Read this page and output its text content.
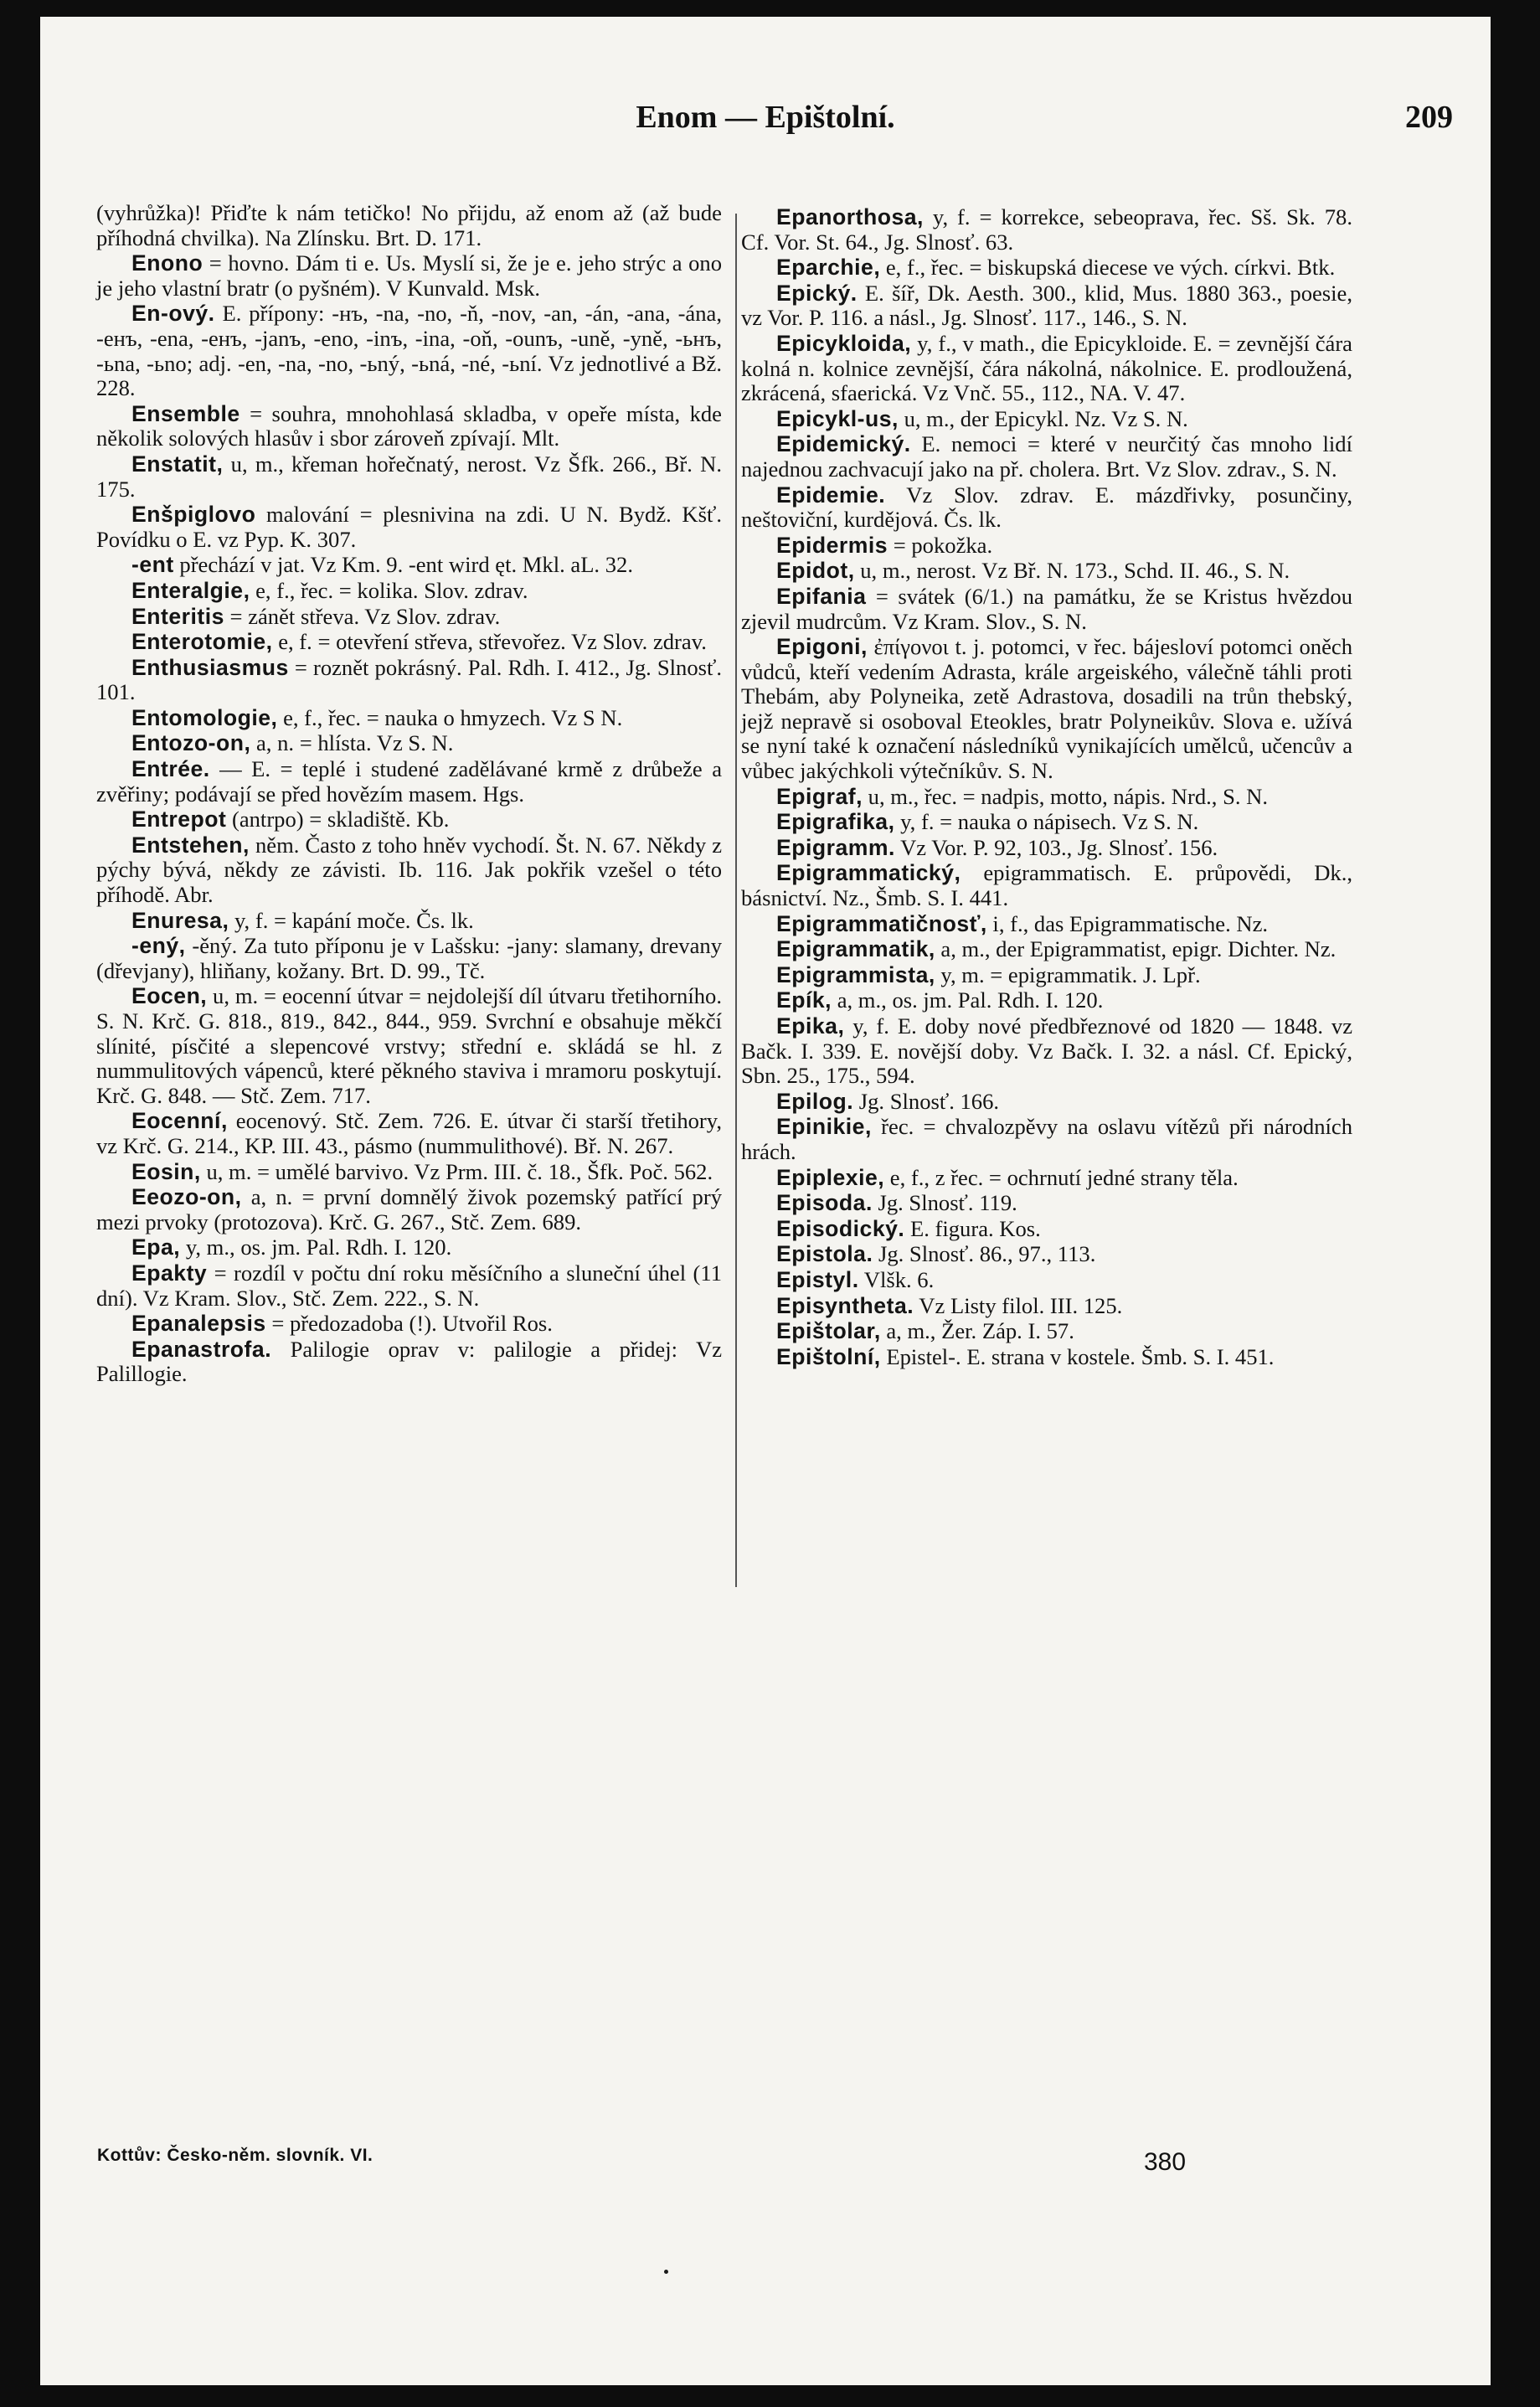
Enom — Epištolní.	209
(vyhrůžka)! Přiďte k nám tetičko! No přijdu, až enom až (až bude příhodná chvilka). Na Zlínsku. Brt. D. 171.
Enono = hovno. Dám ti e. Us. Myslí si, že je e. jeho strýc a ono je jeho vlastní bratr (o pyšném). V Kunvald. Msk.
En-ový. E. přípony: -нъ, -na, -no, -ň, -nov, -an, -án, -ana, -ána, -енъ, -ena, -енъ, -janъ, -eno, -inъ, -ina, -oň, -ounъ, -uně, -yně, -ьнъ, -ьna, -ьno; adj. -en, -na, -no, -ьný, -ьná, -né, -ьní. Vz jednotlivé a Bž. 228.
Ensemble = souhra, mnohohlasá skladba, v opeře místa, kde několik solových hlasův i sbor zároveň zpívají. Mlt.
Enstatit, u, m., křeman hořečnatý, nerost. Vz Šfk. 266., Bř. N. 175.
Enšpiglovo malování = plesnivina na zdi. U N. Bydž. Kšť. Povídku o E. vz Pyp. K. 307.
-ent přechází v jat. Vz Km. 9. -ent wird ęt. Mkl. aL. 32.
Enteralgie, e, f., řec. = kolika. Slov. zdrav.
Enteritis = zánět střeva. Vz Slov. zdrav.
Enterotomie, e, f. = otevření střeva, střevořez. Vz Slov. zdrav.
Enthusiasmus = roznět pokrásný. Pal. Rdh. I. 412., Jg. Slnosť. 101.
Entomologie, e, f., řec. = nauka o hmyzech. Vz S N.
Entozo-on, a, n. = hlísta. Vz S. N.
Entrée. — E. = teplé i studené zadělávané krmě z drůbeže a zvěřiny; podávají se před hovězím masem. Hgs.
Entrepot (antrpo) = skladiště. Kb.
Entstehen, něm. Často z toho hněv vychodí. Št. N. 67. Někdy z pýchy bývá, někdy ze závisti. Ib. 116. Jak pokřik vzešel o této příhodě. Abr.
Enuresa, y, f. = kapání moče. Čs. lk.
-ený, -ěný. Za tuto příponu je v Lašsku: -jany: slamany, drevany (dřevjany), hliňany, kožany. Brt. D. 99., Tč.
Eocen, u, m. = eocenní útvar = nejdolejší díl útvaru třetihorního. S. N. Krč. G. 818., 819., 842., 844., 959. Svrchní e obsahuje měkčí slínité, písčité a slepencové vrstvy; střední e. skládá se hl. z nummulitových vápenců, které pěkného staviva i mramoru poskytují. Krč. G. 848. — Stč. Zem. 717.
Eocenní, eocenový. Stč. Zem. 726. E. útvar či starší třetihory, vz Krč. G. 214., KP. III. 43., pásmo (nummulithové). Bř. N. 267.
Eosin, u, m. = umělé barvivo. Vz Prm. III. č. 18., Šfk. Poč. 562.
Eeozo-on, a, n. = první domnělý živok pozemský patřící prý mezi prvoky (protozova). Krč. G. 267., Stč. Zem. 689.
Epa, y, m., os. jm. Pal. Rdh. I. 120.
Epakty = rozdíl v počtu dní roku měsíčního a sluneční úhel (11 dní). Vz Kram. Slov., Stč. Zem. 222., S. N.
Epanalepsis = předozadoba (!). Utvořil Ros.
Epanastrofa. Palilogie oprav v: palilogie a přidej: Vz Palillogie.
Epanorthosa, y, f. = korrekce, sebeoprava, řec. Sš. Sk. 78. Cf. Vor. St. 64., Jg. Slnosť. 63.
Eparchie, e, f., řec. = biskupská diecese ve vých. církvi. Btk.
Epický. E. šíř, Dk. Aesth. 300., klid, Mus. 1880 363., poesie, vz Vor. P. 116. a násl., Jg. Slnosť. 117., 146., S. N.
Epicykloida, y, f., v math., die Epicykloide. E. = zevnější čára kolná n. kolnice zevnější, čára nákolná, nákolnice. E. prodloužená, zkrácená, sfaerická. Vz Vnč. 55., 112., NA. V. 47.
Epicykl-us, u, m., der Epicykl. Nz. Vz S. N.
Epidemický. E. nemoci = které v neurčitý čas mnoho lidí najednou zachvacují jako na př. cholera. Brt. Vz Slov. zdrav., S. N.
Epidemie. Vz Slov. zdrav. E. mázdřivky, posunčiny, neštoviční, kurdějová. Čs. lk.
Epidermis = pokožka.
Epidot, u, m., nerost. Vz Bř. N. 173., Schd. II. 46., S. N.
Epifania = svátek (6/1.) na památku, že se Kristus hvězdou zjevil mudrcům. Vz Kram. Slov., S. N.
Epigoni, ἐπίγονοι t. j. potomci, v řec. bájesloví potomci oněch vůdců, kteří vedením Adrasta, krále argeiského, válečně táhli proti Thebám, aby Polyneika, zetě Adrastova, dosadili na trůn thebský, jejž nepravě si osoboval Eteokles, bratr Polyneikův. Slova e. užívá se nyní také k označení následníků vynikajících umělců, učencův a vůbec jakýchkoli výtečníkův. S. N.
Epigraf, u, m., řec. = nadpis, motto, nápis. Nrd., S. N.
Epigrafika, y, f. = nauka o nápisech. Vz S. N.
Epigramm. Vz Vor. P. 92, 103., Jg. Slnosť. 156.
Epigrammatický, epigrammatisch. E. průpovědi, Dk., básnictví. Nz., Šmb. S. I. 441.
Epigrammatičnosť, i, f., das Epigrammatische. Nz.
Epigrammatik, a, m., der Epigrammatist, epigr. Dichter. Nz.
Epigrammista, y, m. = epigrammatik. J. Lpř.
Epík, a, m., os. jm. Pal. Rdh. I. 120.
Epika, y, f. E. doby nové předbřeznové od 1820 — 1848. vz Bačk. I. 339. E. novější doby. Vz Bačk. I. 32. a násl. Cf. Epický, Sbn. 25., 175., 594.
Epilog. Jg. Slnosť. 166.
Epinikie, řec. = chvalozpěvy na oslavu vítězů při národních hrách.
Epiplexie, e, f., z řec. = ochrnutí jedné strany těla.
Episoda. Jg. Slnosť. 119.
Episodický. E. figura. Kos.
Epistola. Jg. Slnosť. 86., 97., 113.
Epistyl. Vlšk. 6.
Episyntheta. Vz Listy filol. III. 125.
Epištolar, a, m., Žer. Záp. I. 57.
Epištolní, Epistel-. E. strana v kostele. Šmb. S. I. 451.
Kottův: Česko-něm. slovník. VI.	380
